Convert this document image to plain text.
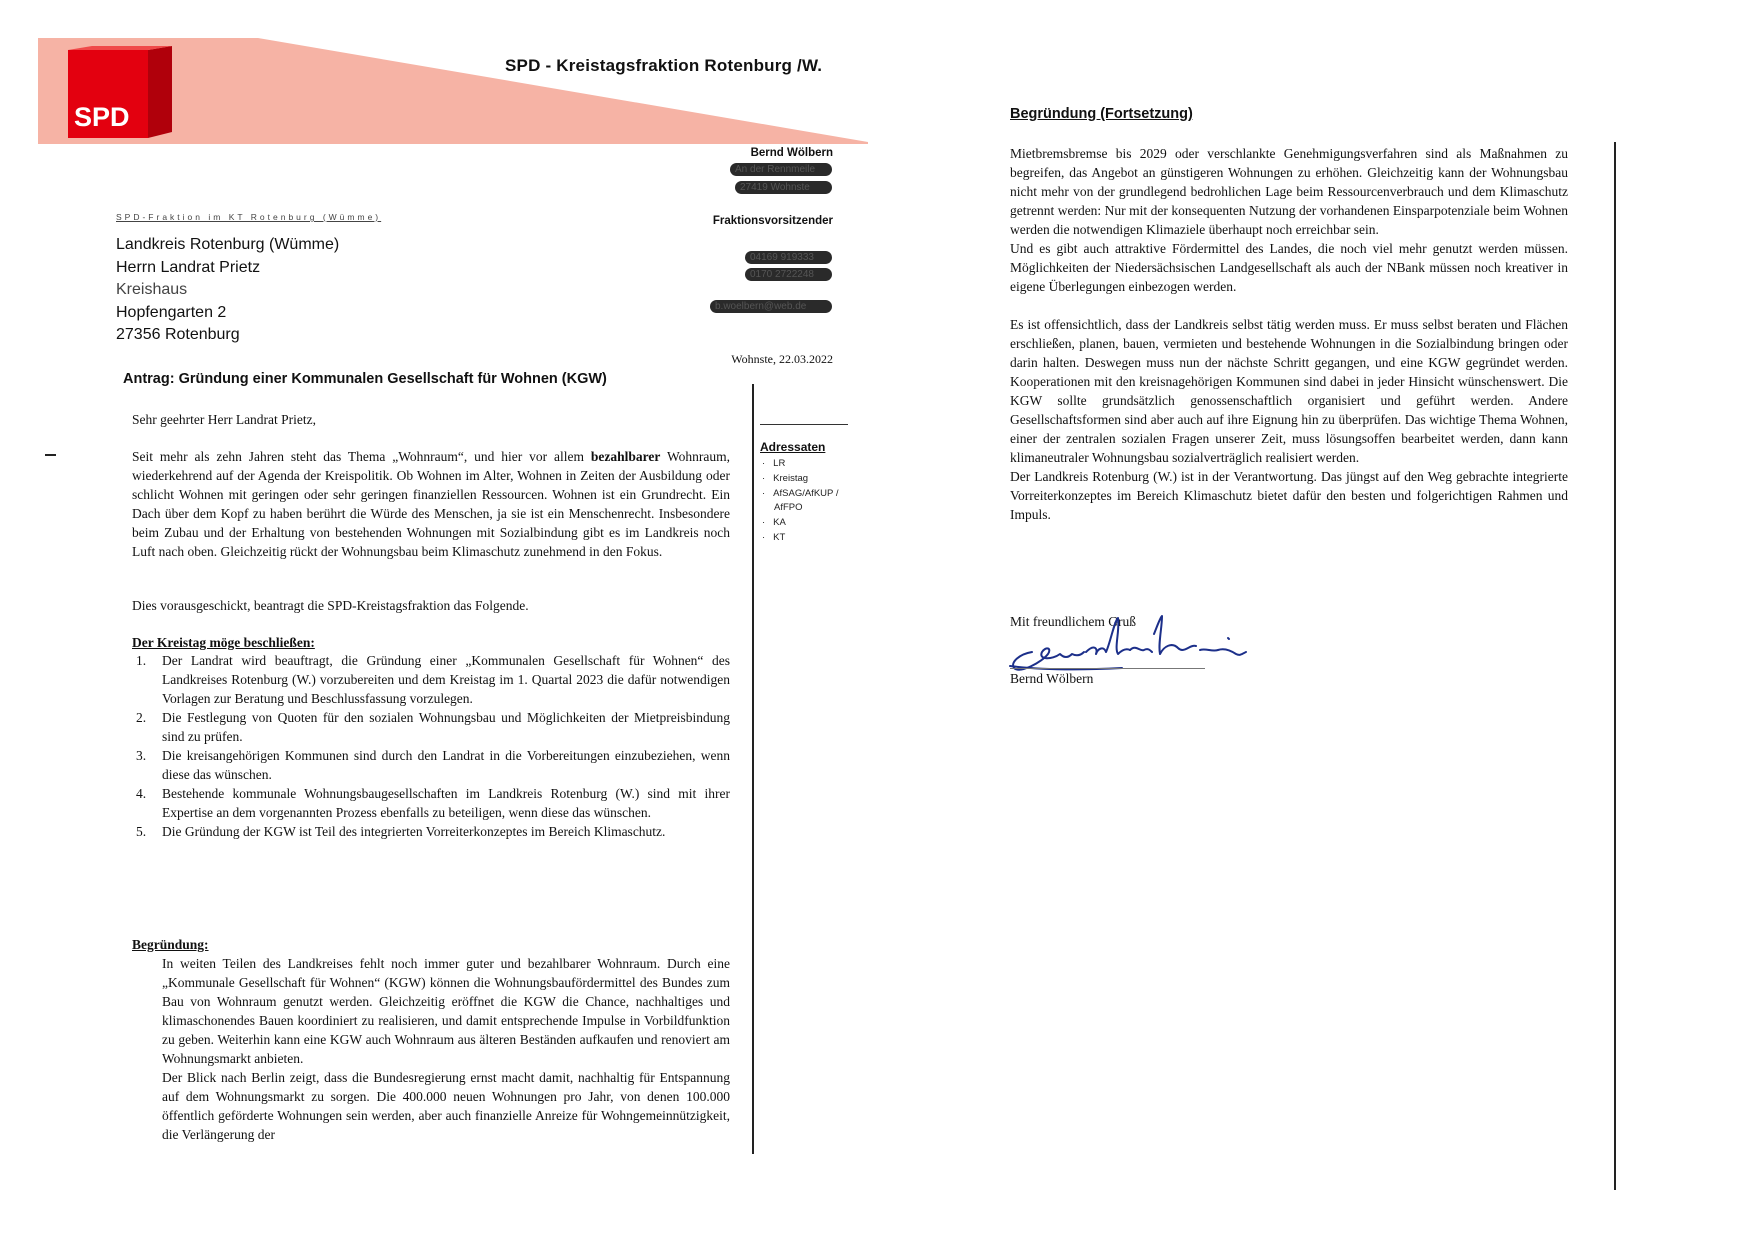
SPD
SPD - Kreistagsfraktion Rotenburg /W.
Bernd Wölbern
An der Rennmeile
27419 Wohnste
Fraktionsvorsitzender
04169 919333
0170 2722248
b.woelbern@web.de
Wohnste, 22.03.2022
SPD-Fraktion im KT Rotenburg (Wümme)
Landkreis Rotenburg (Wümme)
Herrn Landrat Prietz
Kreishaus
Hopfengarten 2
27356 Rotenburg
Antrag: Gründung einer Kommunalen Gesellschaft für Wohnen (KGW)
Adressaten
· LR
· Kreistag
· AfSAG/AfKUP /
AfFPO
· KA
· KT
Sehr geehrter Herr Landrat Prietz,
Seit mehr als zehn Jahren steht das Thema „Wohnraum“, und hier vor allem bezahlbarer Wohnraum, wiederkehrend auf der Agenda der Kreispolitik. Ob Wohnen im Alter, Wohnen in Zeiten der Ausbildung oder schlicht Wohnen mit geringen oder sehr geringen finanziellen Ressourcen. Wohnen ist ein Grundrecht. Ein Dach über dem Kopf zu haben berührt die Würde des Menschen, ja sie ist ein Menschenrecht. Insbesondere beim Zubau und der Erhaltung von bestehenden Wohnungen mit Sozialbindung gibt es im Landkreis noch Luft nach oben. Gleichzeitig rückt der Wohnungsbau beim Klimaschutz zunehmend in den Fokus.
Dies vorausgeschickt, beantragt die SPD-Kreistagsfraktion das Folgende.
Der Kreistag möge beschließen:
1.	Der Landrat wird beauftragt, die Gründung einer „Kommunalen Gesellschaft für Wohnen“ des Landkreises Rotenburg (W.) vorzubereiten und dem Kreistag im 1. Quartal 2023 die dafür notwendigen Vorlagen zur Beratung und Beschlussfassung vorzulegen.
2.	Die Festlegung von Quoten für den sozialen Wohnungsbau und Möglichkeiten der Mietpreisbindung sind zu prüfen.
3.	Die kreisangehörigen Kommunen sind durch den Landrat in die Vorbereitungen einzubeziehen, wenn diese das wünschen.
4.	Bestehende kommunale Wohnungsbaugesellschaften im Landkreis Rotenburg (W.) sind mit ihrer Expertise an dem vorgenannten Prozess ebenfalls zu beteiligen, wenn diese das wünschen.
5.	Die Gründung der KGW ist Teil des integrierten Vorreiterkonzeptes im Bereich Klimaschutz.
Begründung:
In weiten Teilen des Landkreises fehlt noch immer guter und bezahlbarer Wohnraum. Durch eine „Kommunale Gesellschaft für Wohnen“ (KGW) können die Wohnungsbaufördermittel des Bundes zum Bau von Wohnraum genutzt werden. Gleichzeitig eröffnet die KGW die Chance, nachhaltiges und klimaschonendes Bauen koordiniert zu realisieren, und damit entsprechende Impulse in Vorbildfunktion zu geben. Weiterhin kann eine KGW auch Wohnraum aus älteren Beständen aufkaufen und renoviert am Wohnungsmarkt anbieten.
Der Blick nach Berlin zeigt, dass die Bundesregierung ernst macht damit, nachhaltig für Entspannung auf dem Wohnungsmarkt zu sorgen. Die 400.000 neuen Wohnungen pro Jahr, von denen 100.000 öffentlich geförderte Wohnungen sein werden, aber auch finanzielle Anreize für Wohngemeinnützigkeit, die Verlängerung der
Begründung (Fortsetzung)
Mietbremsbremse bis 2029 oder verschlankte Genehmigungsverfahren sind als Maßnahmen zu begreifen, das Angebot an günstigeren Wohnungen zu erhöhen. Gleichzeitig kann der Wohnungsbau nicht mehr von der grundlegend bedrohlichen Lage beim Ressourcenverbrauch und dem Klimaschutz getrennt werden: Nur mit der konsequenten Nutzung der vorhandenen Einsparpotenziale beim Wohnen werden die notwendigen Klimaziele überhaupt noch erreichbar sein.
Und es gibt auch attraktive Fördermittel des Landes, die noch viel mehr genutzt werden müssen. Möglichkeiten der Niedersächsischen Landgesellschaft als auch der NBank müssen noch kreativer in eigene Überlegungen einbezogen werden.
Es ist offensichtlich, dass der Landkreis selbst tätig werden muss. Er muss selbst beraten und Flächen erschließen, planen, bauen, vermieten und bestehende Wohnungen in die Sozialbindung bringen oder darin halten. Deswegen muss nun der nächste Schritt gegangen, und eine KGW gegründet werden. Kooperationen mit den kreisnagehörigen Kommunen sind dabei in jeder Hinsicht wünschenswert. Die KGW sollte grundsätzlich genossenschaftlich organisiert und geführt werden. Andere Gesellschaftsformen sind aber auch auf ihre Eignung hin zu überprüfen. Das wichtige Thema Wohnen, einer der zentralen sozialen Fragen unserer Zeit, muss lösungsoffen bearbeitet werden, dann kann klimaneutraler Wohnungsbau sozialverträglich realisiert werden.
Der Landkreis Rotenburg (W.) ist in der Verantwortung. Das jüngst auf den Weg gebrachte integrierte Vorreiterkonzeptes im Bereich Klimaschutz bietet dafür den besten und folgerichtigen Rahmen und Impuls.
Mit freundlichem Gruß
Bernd Wölbern
